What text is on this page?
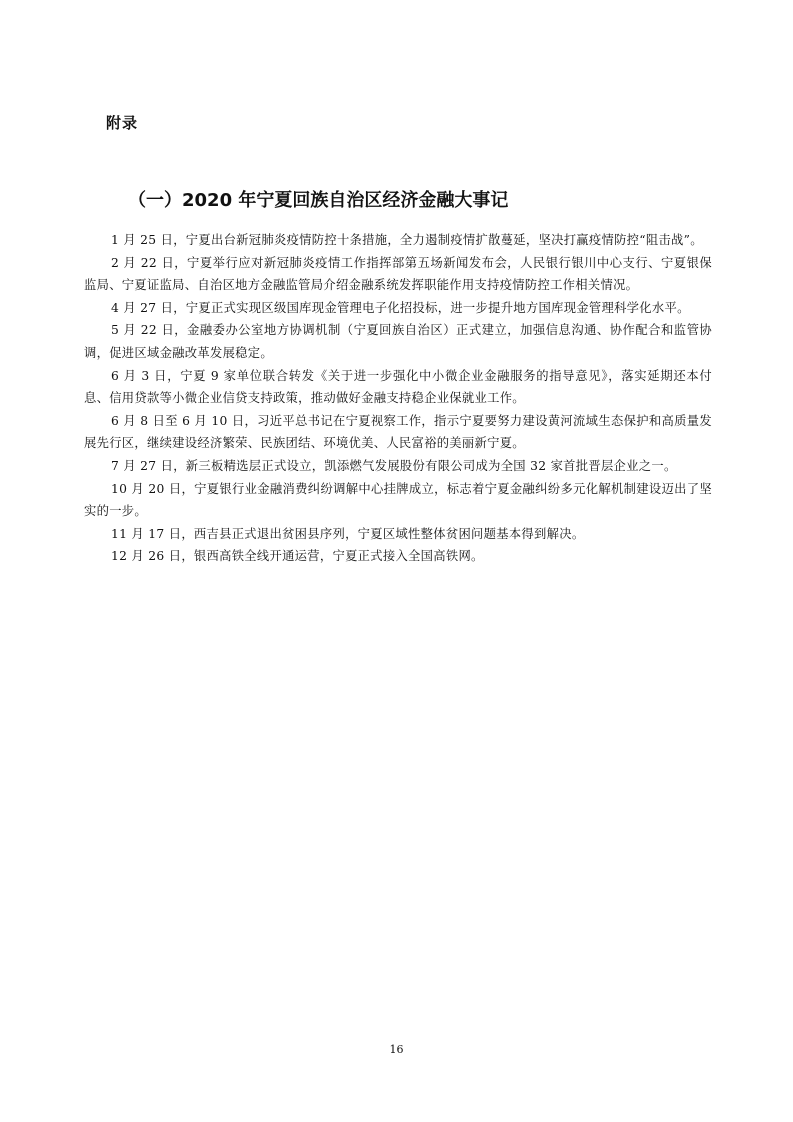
附录
（一）2020 年宁夏回族自治区经济金融大事记

1 月 25 日，宁夏出台新冠肺炎疫情防控十条措施，全力遏制疫情扩散蔓延，坚决打赢疫情防控“阻击战”。

2 月 22 日，宁夏举行应对新冠肺炎疫情工作指挥部第五场新闻发布会，人民银行银川中心支行、宁夏银保监局、宁夏证监局、自治区地方金融监管局介绍金融系统发挥职能作用支持疫情防控工作相关情况。

4 月 27 日，宁夏正式实现区级国库现金管理电子化招投标，进一步提升地方国库现金管理科学化水平。

5 月 22 日，金融委办公室地方协调机制（宁夏回族自治区）正式建立，加强信息沟通、协作配合和监管协调，促进区域金融改革发展稳定。

6 月 3 日，宁夏 9 家单位联合转发《关于进一步强化中小微企业金融服务的指导意见》，落实延期还本付息、信用贷款等小微企业信贷支持政策，推动做好金融支持稳企业保就业工作。

6 月 8 日至 6 月 10 日，习近平总书记在宁夏视察工作，指示宁夏要努力建设黄河流域生态保护和高质量发展先行区，继续建设经济繁荣、民族团结、环境优美、人民富裕的美丽新宁夏。

7 月 27 日，新三板精选层正式设立，凯添燃气发展股份有限公司成为全国 32 家首批晋层企业之一。

10 月 20 日，宁夏银行业金融消费纠纷调解中心挂牌成立，标志着宁夏金融纠纷多元化解机制建设迈出了坚实的一步。

11 月 17 日，西吉县正式退出贫困县序列，宁夏区域性整体贫困问题基本得到解决。

12 月 26 日，银西高铁全线开通运营，宁夏正式接入全国高铁网。

16
